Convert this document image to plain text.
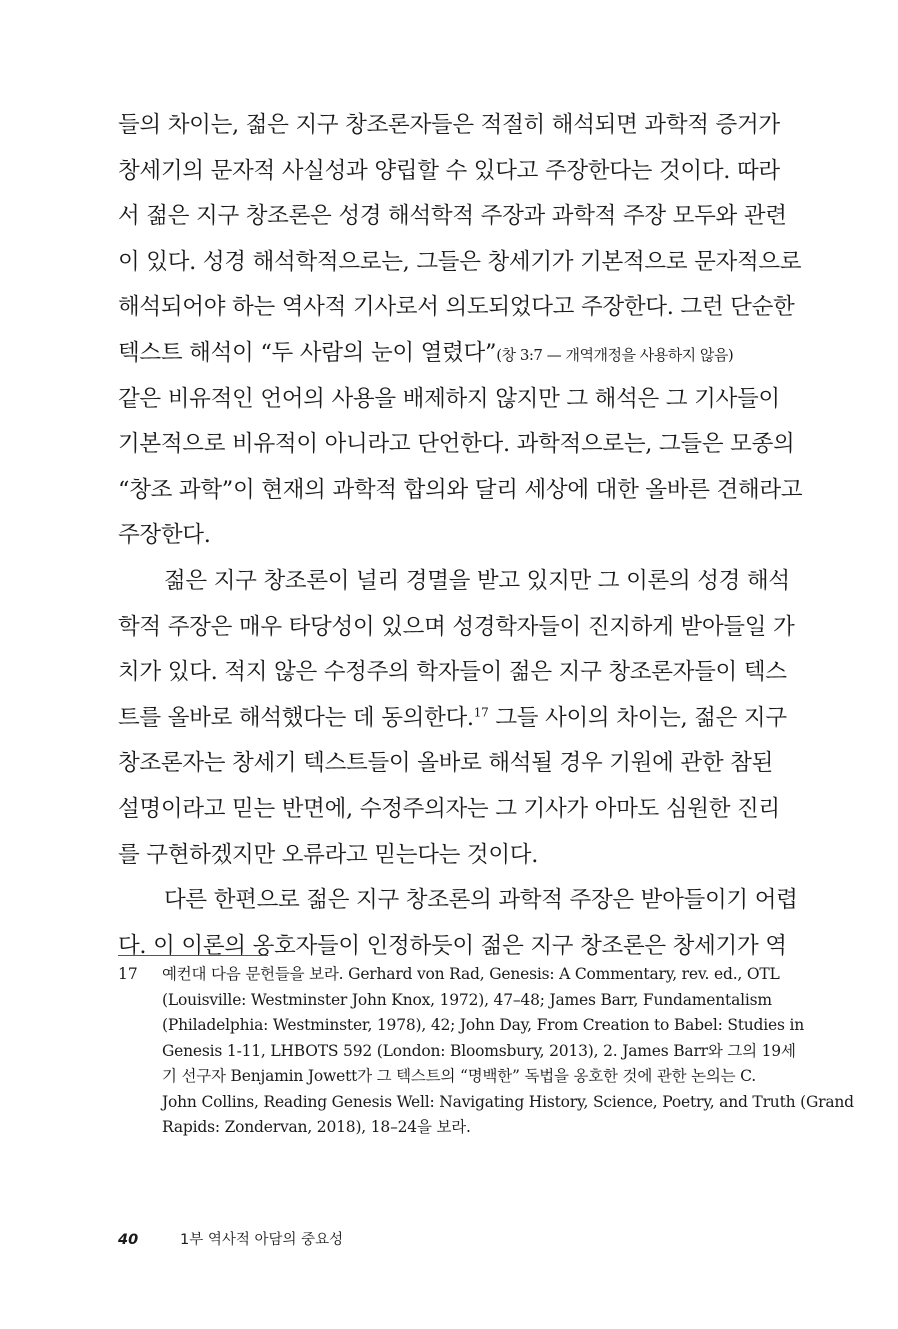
들의 차이는, 젊은 지구 창조론자들은 적절히 해석되면 과학적 증거가
창세기의 문자적 사실성과 양립할 수 있다고 주장한다는 것이다. 따라
서 젊은 지구 창조론은 성경 해석학적 주장과 과학적 주장 모두와 관련
이 있다. 성경 해석학적으로는, 그들은 창세기가 기본적으로 문자적으로
해석되어야 하는 역사적 기사로서 의도되었다고 주장한다. 그런 단순한
텍스트 해석이 “두 사람의 눈이 열렸다”(창 3:7 — 개역개정을 사용하지 않음)
같은 비유적인 언어의 사용을 배제하지 않지만 그 해석은 그 기사들이
기본적으로 비유적이 아니라고 단언한다. 과학적으로는, 그들은 모종의
“창조 과학”이 현재의 과학적 합의와 달리 세상에 대한 올바른 견해라고
주장한다.
젊은 지구 창조론이 널리 경멸을 받고 있지만 그 이론의 성경 해석
학적 주장은 매우 타당성이 있으며 성경학자들이 진지하게 받아들일 가
치가 있다. 적지 않은 수정주의 학자들이 젊은 지구 창조론자들이 텍스
트를 올바로 해석했다는 데 동의한다.$^{17}$ 그들 사이의 차이는, 젊은 지구
창조론자는 창세기 텍스트들이 올바로 해석될 경우 기원에 관한 참된
설명이라고 믿는 반면에, 수정주의자는 그 기사가 아마도 심원한 진리
를 구현하겠지만 오류라고 믿는다는 것이다.
다른 한편으로 젊은 지구 창조론의 과학적 주장은 받아들이기 어렵
다. 이 이론의 옹호자들이 인정하듯이 젊은 지구 창조론은 창세기가 역
17 예컨대 다음 문헌들을 보라. Gerhard von Rad, Genesis: A Commentary, rev. ed., OTL
(Louisville: Westminster John Knox, 1972), 47–48; James Barr, Fundamentalism
(Philadelphia: Westminster, 1978), 42; John Day, From Creation to Babel: Studies in
Genesis 1-11, LHBOTS 592 (London: Bloomsbury, 2013), 2. James Barr와 그의 19세
기 선구자 Benjamin Jowett가 그 텍스트의 “명백한” 독법을 옹호한 것에 관한 논의는 C.
John Collins, Reading Genesis Well: Navigating History, Science, Poetry, and Truth (Grand
Rapids: Zondervan, 2018), 18–24을 보라.
40	1부 역사적 아담의 중요성
